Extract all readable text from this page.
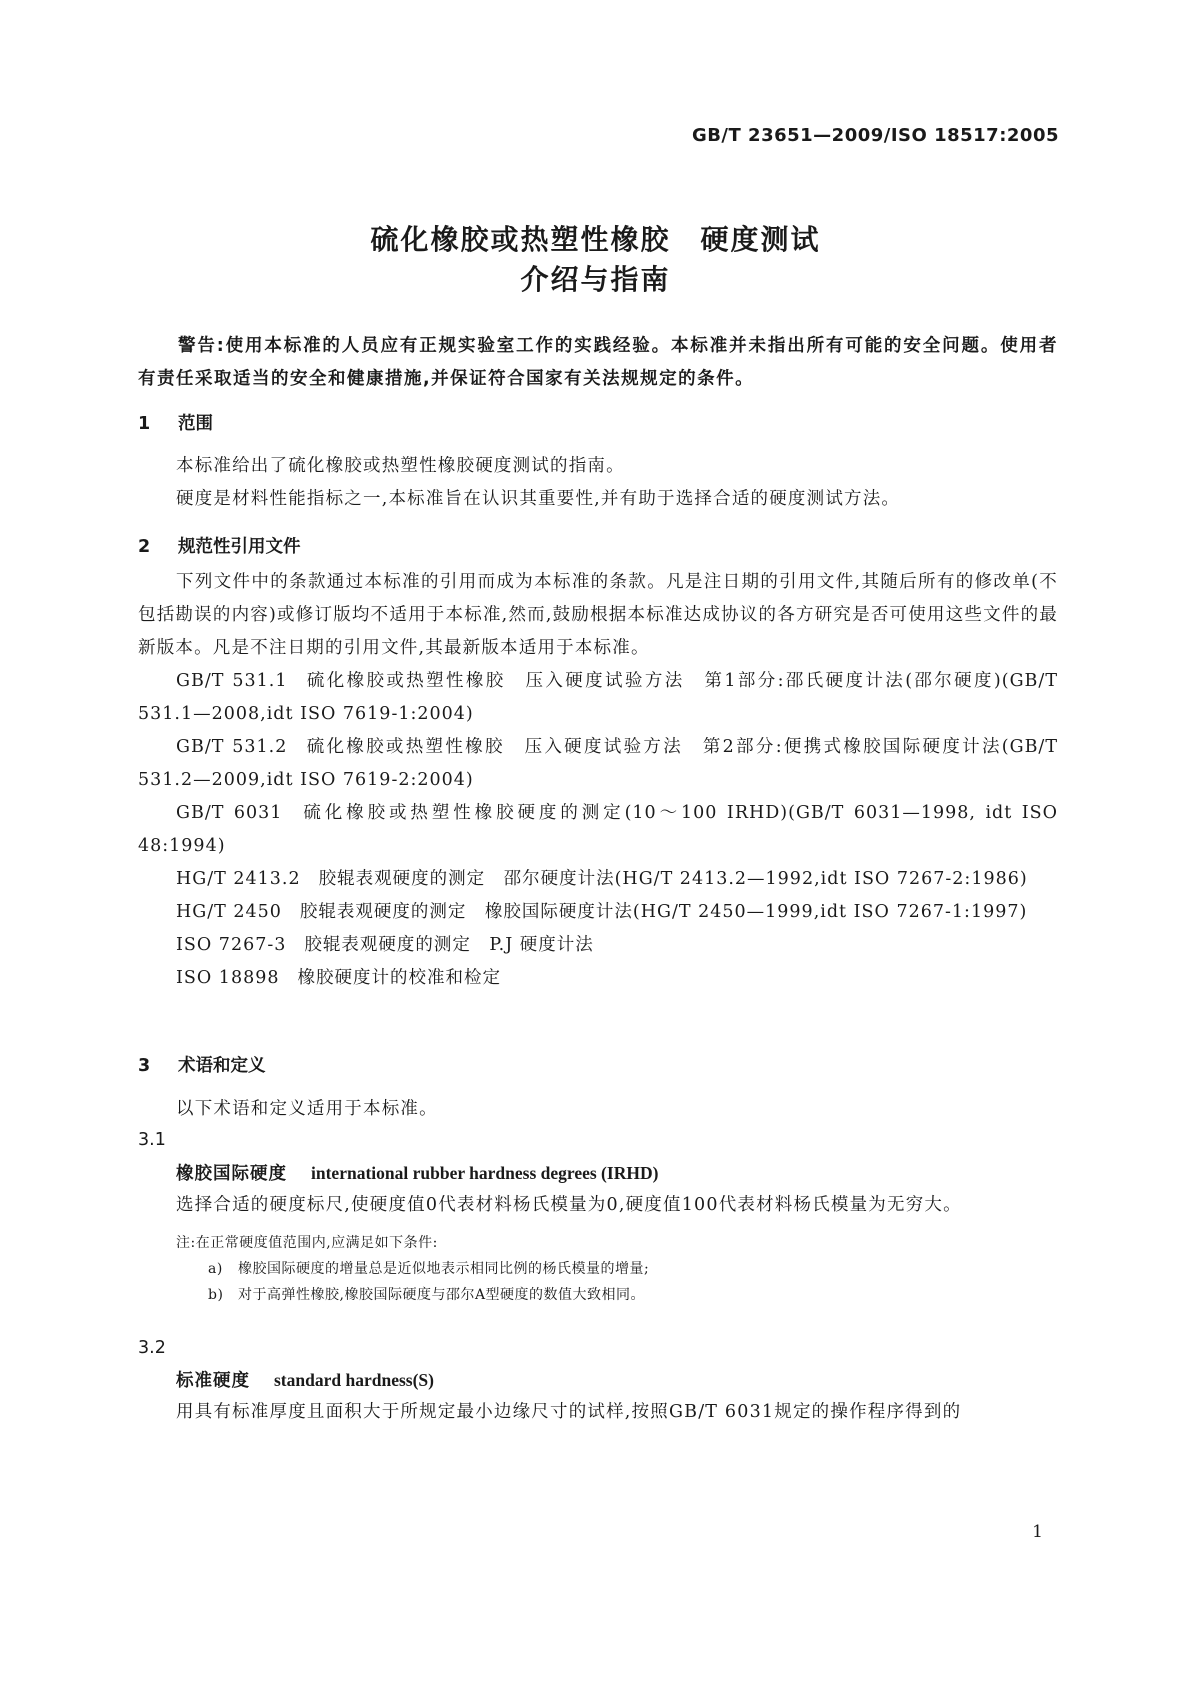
GB/T 23651—2009/ISO 18517:2005
硫化橡胶或热塑性橡胶　硬度测试
介绍与指南

警告:使用本标准的人员应有正规实验室工作的实践经验。本标准并未指出所有可能的安全问题。使用者有责任采取适当的安全和健康措施,并保证符合国家有关法规规定的条件。

1 范围

本标准给出了硫化橡胶或热塑性橡胶硬度测试的指南。

硬度是材料性能指标之一,本标准旨在认识其重要性,并有助于选择合适的硬度测试方法。

2 规范性引用文件

下列文件中的条款通过本标准的引用而成为本标准的条款。凡是注日期的引用文件,其随后所有的修改单(不包括勘误的内容)或修订版均不适用于本标准,然而,鼓励根据本标准达成协议的各方研究是否可使用这些文件的最新版本。凡是不注日期的引用文件,其最新版本适用于本标准。

GB/T 531.1 硫化橡胶或热塑性橡胶　压入硬度试验方法　第1部分:邵氏硬度计法(邵尔硬度)(GB/T 531.1—2008,idt ISO 7619-1:2004)

GB/T 531.2 硫化橡胶或热塑性橡胶　压入硬度试验方法　第2部分:便携式橡胶国际硬度计法(GB/T 531.2—2009,idt ISO 7619-2:2004)

GB/T 6031 硫化橡胶或热塑性橡胶硬度的测定(10～100 IRHD)(GB/T 6031—1998, idt ISO 48:1994)

HG/T 2413.2 胶辊表观硬度的测定　邵尔硬度计法(HG/T 2413.2—1992,idt ISO 7267-2:1986)

HG/T 2450 胶辊表观硬度的测定　橡胶国际硬度计法(HG/T 2450—1999,idt ISO 7267-1:1997)

ISO 7267-3 胶辊表观硬度的测定　P.J 硬度计法

ISO 18898 橡胶硬度计的校准和检定

3 术语和定义

以下术语和定义适用于本标准。

3.1

橡胶国际硬度 international rubber hardness degrees (IRHD)

选择合适的硬度标尺,使硬度值0代表材料杨氏模量为0,硬度值100代表材料杨氏模量为无穷大。

注:在正常硬度值范围内,应满足如下条件:

a) 橡胶国际硬度的增量总是近似地表示相同比例的杨氏模量的增量;

b) 对于高弹性橡胶,橡胶国际硬度与邵尔A型硬度的数值大致相同。

3.2

标准硬度 standard hardness(S)

用具有标准厚度且面积大于所规定最小边缘尺寸的试样,按照GB/T 6031规定的操作程序得到的

1
